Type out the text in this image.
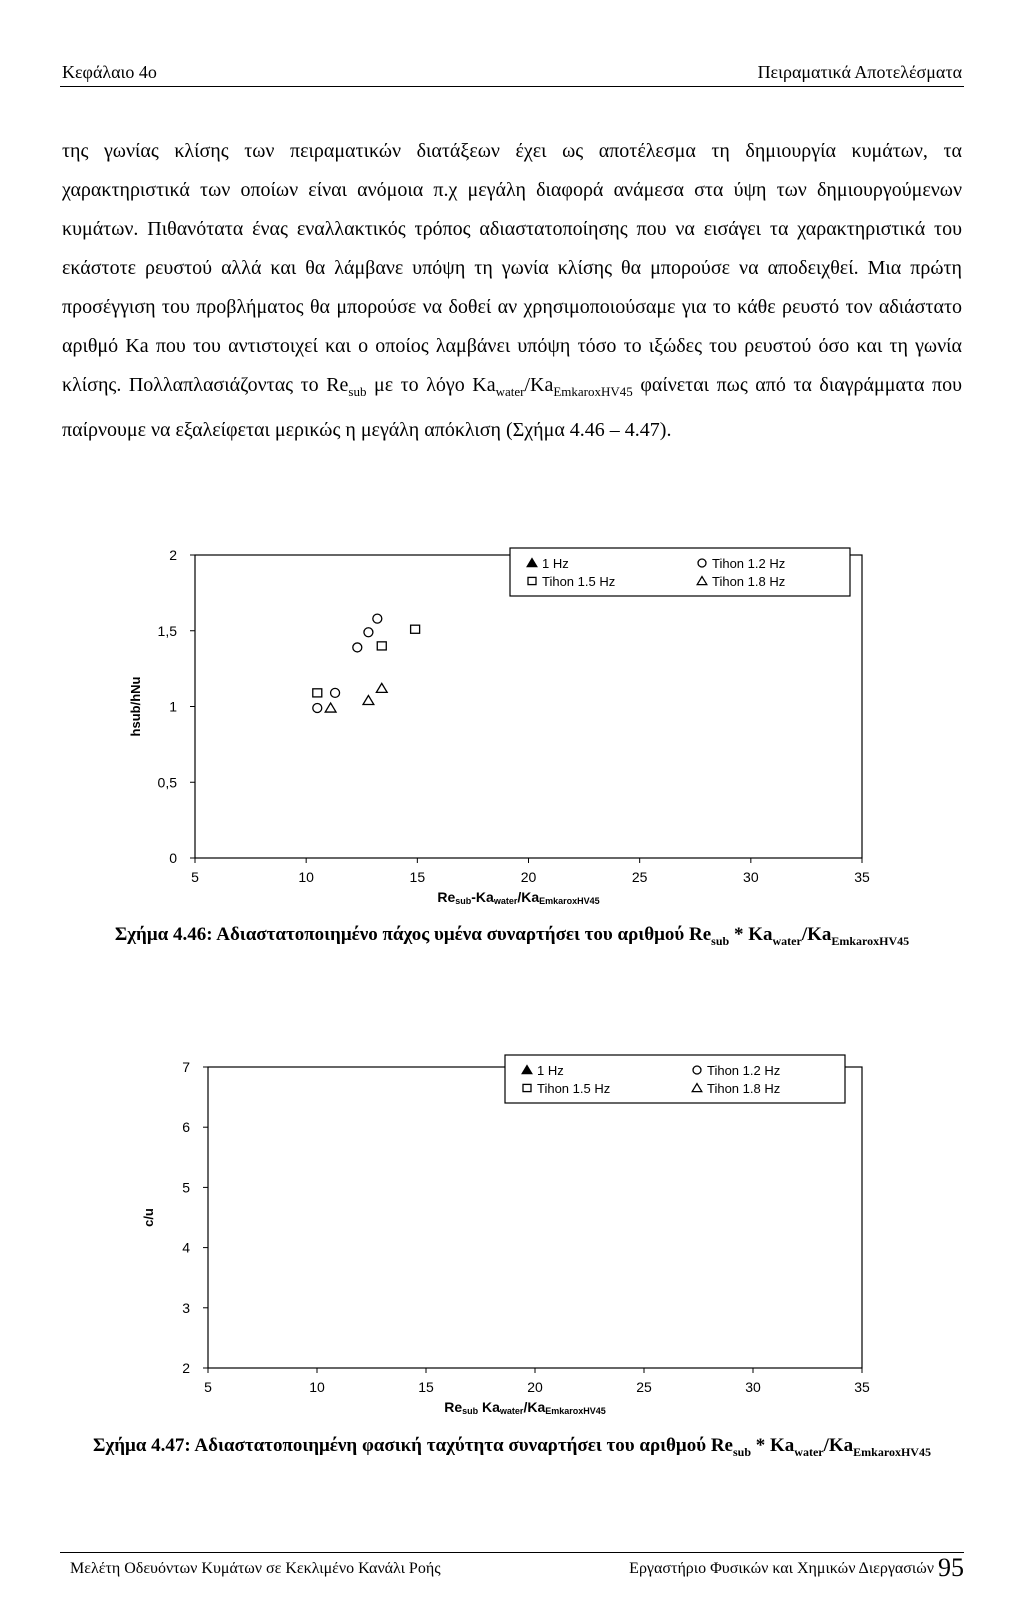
Κεφάλαιο 4ο	Πειραματικά Αποτελέσματα

της γωνίας κλίσης των πειραματικών διατάξεων έχει ως αποτέλεσμα τη δημιουργία κυμάτων, τα χαρακτηριστικά των οποίων είναι ανόμοια π.χ μεγάλη διαφορά ανάμεσα στα ύψη των δημιουργούμενων κυμάτων. Πιθανότατα ένας εναλλακτικός τρόπος αδιαστατοποίησης που να εισάγει τα χαρακτηριστικά του εκάστοτε ρευστού αλλά και θα λάμβανε υπόψη τη γωνία κλίσης θα μπορούσε να αποδειχθεί. Μια πρώτη προσέγγιση του προβλήματος θα μπορούσε να δοθεί αν χρησιμοποιούσαμε για το κάθε ρευστό τον αδιάστατο αριθμό Ka που του αντιστοιχεί και ο οποίος λαμβάνει υπόψη τόσο το ιξώδες του ρευστού όσο και τη γωνία κλίσης. Πολλαπλασιάζοντας το $Re_{sub}$ με το λόγο $Ka_{water}/Ka_{EmkaroxHV45}$ φαίνεται πως από τα διαγράμματα που παίρνουμε να εξαλείφεται μερικώς η μεγάλη απόκλιση (Σχήμα 4.46 – 4.47).

5	10	15	20	25	30	35
0
0,5
1
1,5
2
Resub-Kawater/KaEmkaroxHV45
hsub/hNu
1 Hz	Tihon 1.2 Hz
Tihon 1.5 Hz	Tihon 1.8 Hz
Σχήμα 4.46: Αδιαστατοποιημένο πάχος υμένα συναρτήσει του αριθμού $Re_{sub} * Ka_{water}/Ka_{EmkaroxHV45}$
5	10	15	20	25	30	35
2
3
4
5
6
7
Resub Kawater/KaEmkaroxHV45
c/u
1 Hz	Tihon 1.2 Hz
Tihon 1.5 Hz	Tihon 1.8 Hz
Σχήμα 4.47: Αδιαστατοποιημένη φασική ταχύτητα συναρτήσει του αριθμού $Re_{sub} * Ka_{water}/Ka_{EmkaroxHV45}$
Μελέτη Οδευόντων Κυμάτων σε Κεκλιμένο Κανάλι Ροής	Εργαστήριο Φυσικών και Χημικών Διεργασιών 95
